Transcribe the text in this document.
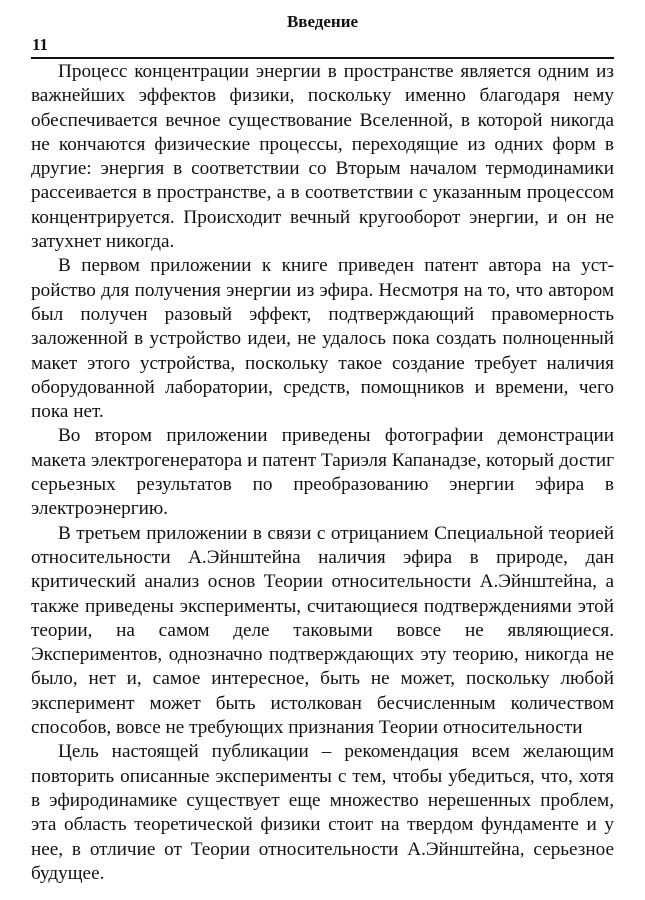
Введение
11

Процесс концентрации энергии в пространстве является одним из важнейших эффектов физики, поскольку именно благодаря нему обеспечивается вечное существование Вселенной, в которой никогда не кончаются физические процессы, переходящие из одних форм в другие: энергия в соответствии со Вторым началом термодинамики рассеивается в пространстве, а в соответствии с указанным процессом концентрируется. Происходит вечный кругооборот энергии, и он не затухнет никогда.

В первом приложении к книге приведен патент автора на устройство для получения энергии из эфира. Несмотря на то, что автором был получен разовый эффект, подтверждающий правомерность заложенной в устройство идеи, не удалось пока создать полноценный макет этого устройства, поскольку такое создание требует наличия оборудованной лаборатории, средств, помощников и времени, чего пока нет.

Во втором приложении приведены фотографии демонстрации макета электрогенератора и патент Тариэля Капанадзе, который достиг серьезных результатов по преобразованию энергии эфира в электроэнергию.

В третьем приложении в связи с отрицанием Специальной теорией относительности А.Эйнштейна наличия эфира в природе, дан критический анализ основ Теории относительности А.Эйнштейна, а также приведены эксперименты, считающиеся подтверждениями этой теории, на самом деле таковыми вовсе не являющиеся. Экспериментов, однозначно подтверждающих эту теорию, никогда не было, нет и, самое интересное, быть не может, поскольку любой эксперимент может быть истолкован бесчисленным количеством способов, вовсе не требующих признания Теории относительности

Цель настоящей публикации – рекомендация всем желающим повторить описанные эксперименты с тем, чтобы убедиться, что, хотя в эфиродинамике существует еще множество нерешенных проблем, эта область теоретической физики стоит на твердом фундаменте и у нее, в отличие от Теории относительности А.Эйнштейна, серьезное будущее.
